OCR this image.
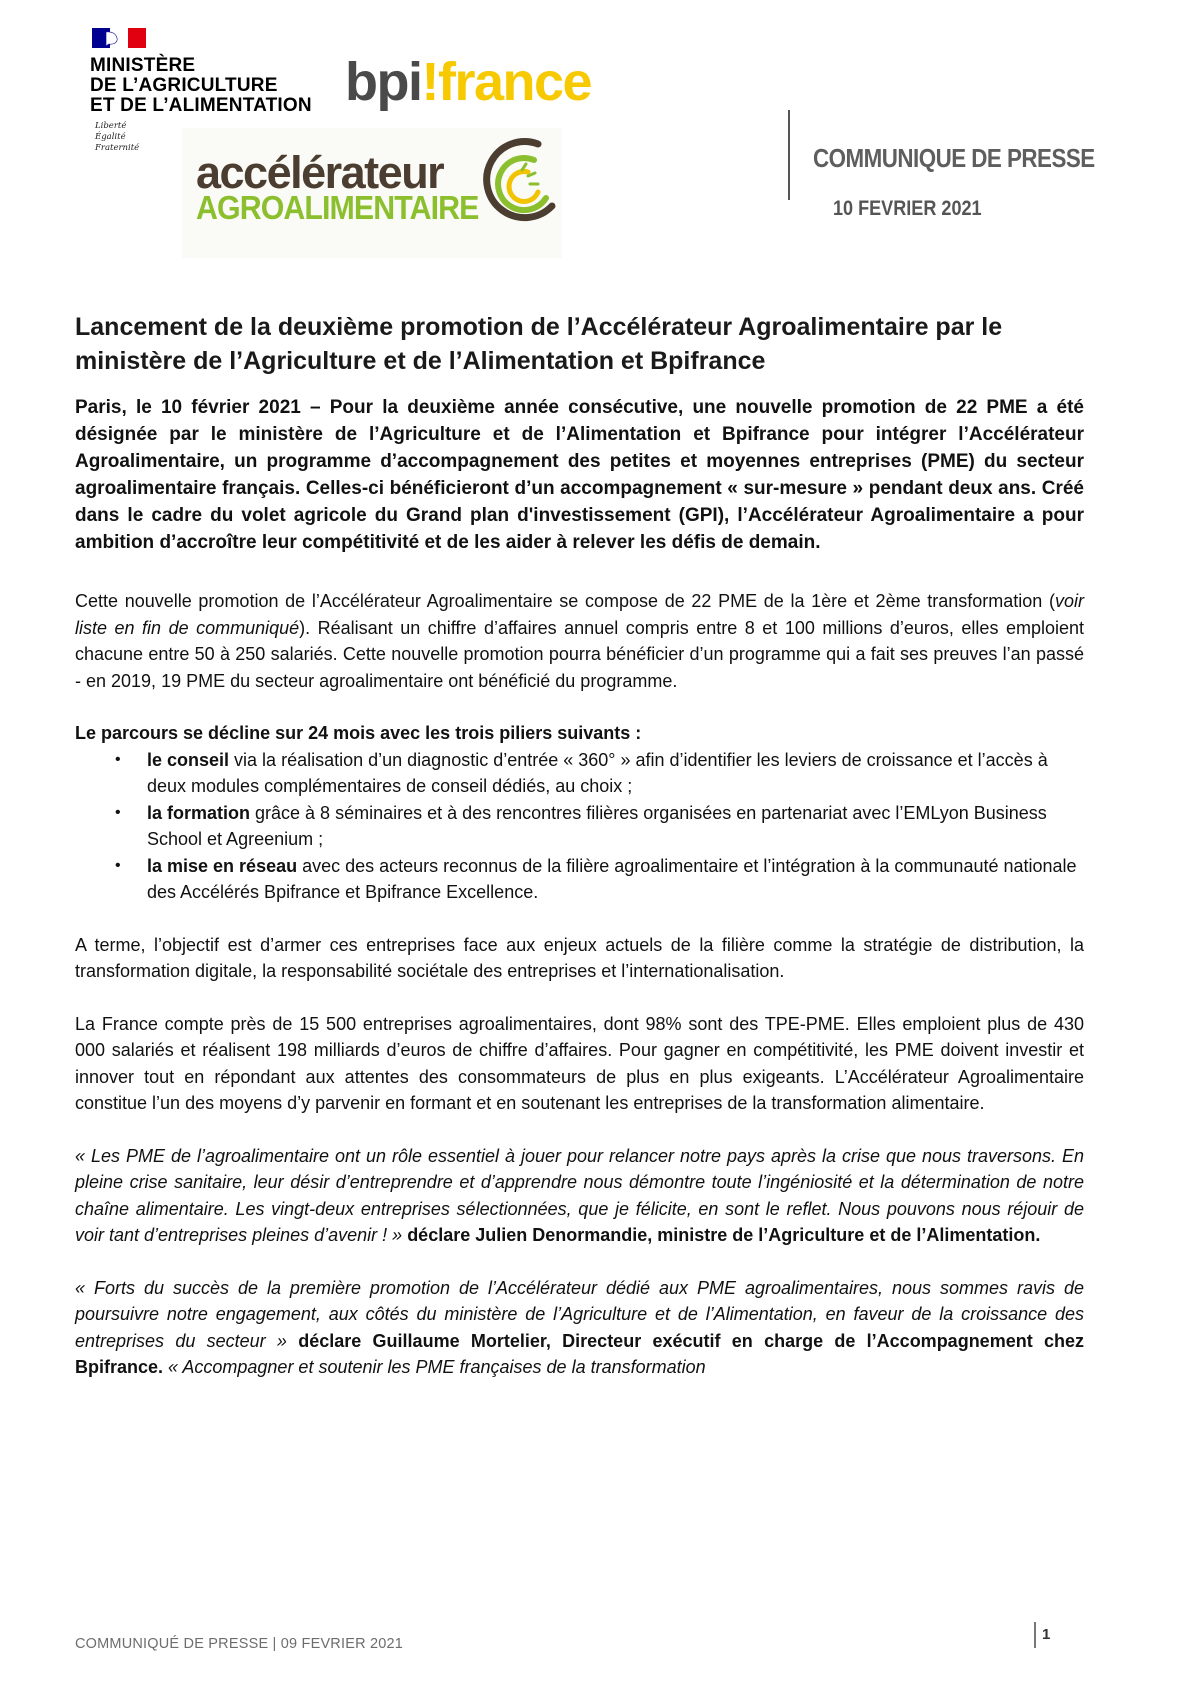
MINISTÈRE
DE L’AGRICULTURE
ET DE L’ALIMENTATION
Liberté
Égalité
Fraternité
bpi!france
accélérateur
AGROALIMENTAIRE
COMMUNIQUE DE PRESSE
10 FEVRIER 2021
Lancement de la deuxième promotion de l’Accélérateur Agroalimentaire par le ministère de l’Agriculture et de l’Alimentation et Bpifrance

Paris, le 10 février 2021 – Pour la deuxième année consécutive, une nouvelle promotion de 22 PME a été désignée par le ministère de l’Agriculture et de l’Alimentation et Bpifrance pour intégrer l’Accélérateur Agroalimentaire, un programme d’accompagnement des petites et moyennes entreprises (PME) du secteur agroalimentaire français. Celles-ci bénéficieront d’un accompagnement « sur-mesure » pendant deux ans. Créé dans le cadre du volet agricole du Grand plan d'investissement (GPI), l’Accélérateur Agroalimentaire a pour ambition d’accroître leur compétitivité et de les aider à relever les défis de demain.

Cette nouvelle promotion de l’Accélérateur Agroalimentaire se compose de 22 PME de la 1ère et 2ème transformation (voir liste en fin de communiqué). Réalisant un chiffre d’affaires annuel compris entre 8 et 100 millions d’euros, elles emploient chacune entre 50 à 250 salariés. Cette nouvelle promotion pourra bénéficier d’un programme qui a fait ses preuves l’an passé - en 2019, 19 PME du secteur agroalimentaire ont bénéficié du programme.

Le parcours se décline sur 24 mois avec les trois piliers suivants :

• le conseil via la réalisation d’un diagnostic d’entrée « 360° » afin d’identifier les leviers de croissance et l’accès à deux modules complémentaires de conseil dédiés, au choix ;
• la formation grâce à 8 séminaires et à des rencontres filières organisées en partenariat avec l’EMLyon Business School et Agreenium ;
• la mise en réseau avec des acteurs reconnus de la filière agroalimentaire et l’intégration à la communauté nationale des Accélérés Bpifrance et Bpifrance Excellence.

A terme, l’objectif est d’armer ces entreprises face aux enjeux actuels de la filière comme la stratégie de distribution, la transformation digitale, la responsabilité sociétale des entreprises et l’internationalisation.

La France compte près de 15 500 entreprises agroalimentaires, dont 98% sont des TPE-PME. Elles emploient plus de 430 000 salariés et réalisent 198 milliards d’euros de chiffre d’affaires. Pour gagner en compétitivité, les PME doivent investir et innover tout en répondant aux attentes des consommateurs de plus en plus exigeants. L’Accélérateur Agroalimentaire constitue l’un des moyens d’y parvenir en formant et en soutenant les entreprises de la transformation alimentaire.

« Les PME de l’agroalimentaire ont un rôle essentiel à jouer pour relancer notre pays après la crise que nous traversons. En pleine crise sanitaire, leur désir d’entreprendre et d’apprendre nous démontre toute l’ingéniosité et la détermination de notre chaîne alimentaire. Les vingt-deux entreprises sélectionnées, que je félicite, en sont le reflet. Nous pouvons nous réjouir de voir tant d’entreprises pleines d’avenir ! » déclare Julien Denormandie, ministre de l’Agriculture et de l’Alimentation.

« Forts du succès de la première promotion de l’Accélérateur dédié aux PME agroalimentaires, nous sommes ravis de poursuivre notre engagement, aux côtés du ministère de l’Agriculture et de l’Alimentation, en faveur de la croissance des entreprises du secteur » déclare Guillaume Mortelier, Directeur exécutif en charge de l’Accompagnement chez Bpifrance. « Accompagner et soutenir les PME françaises de la transformation

COMMUNIQUÉ DE PRESSE | 09 FEVRIER 2021
1
